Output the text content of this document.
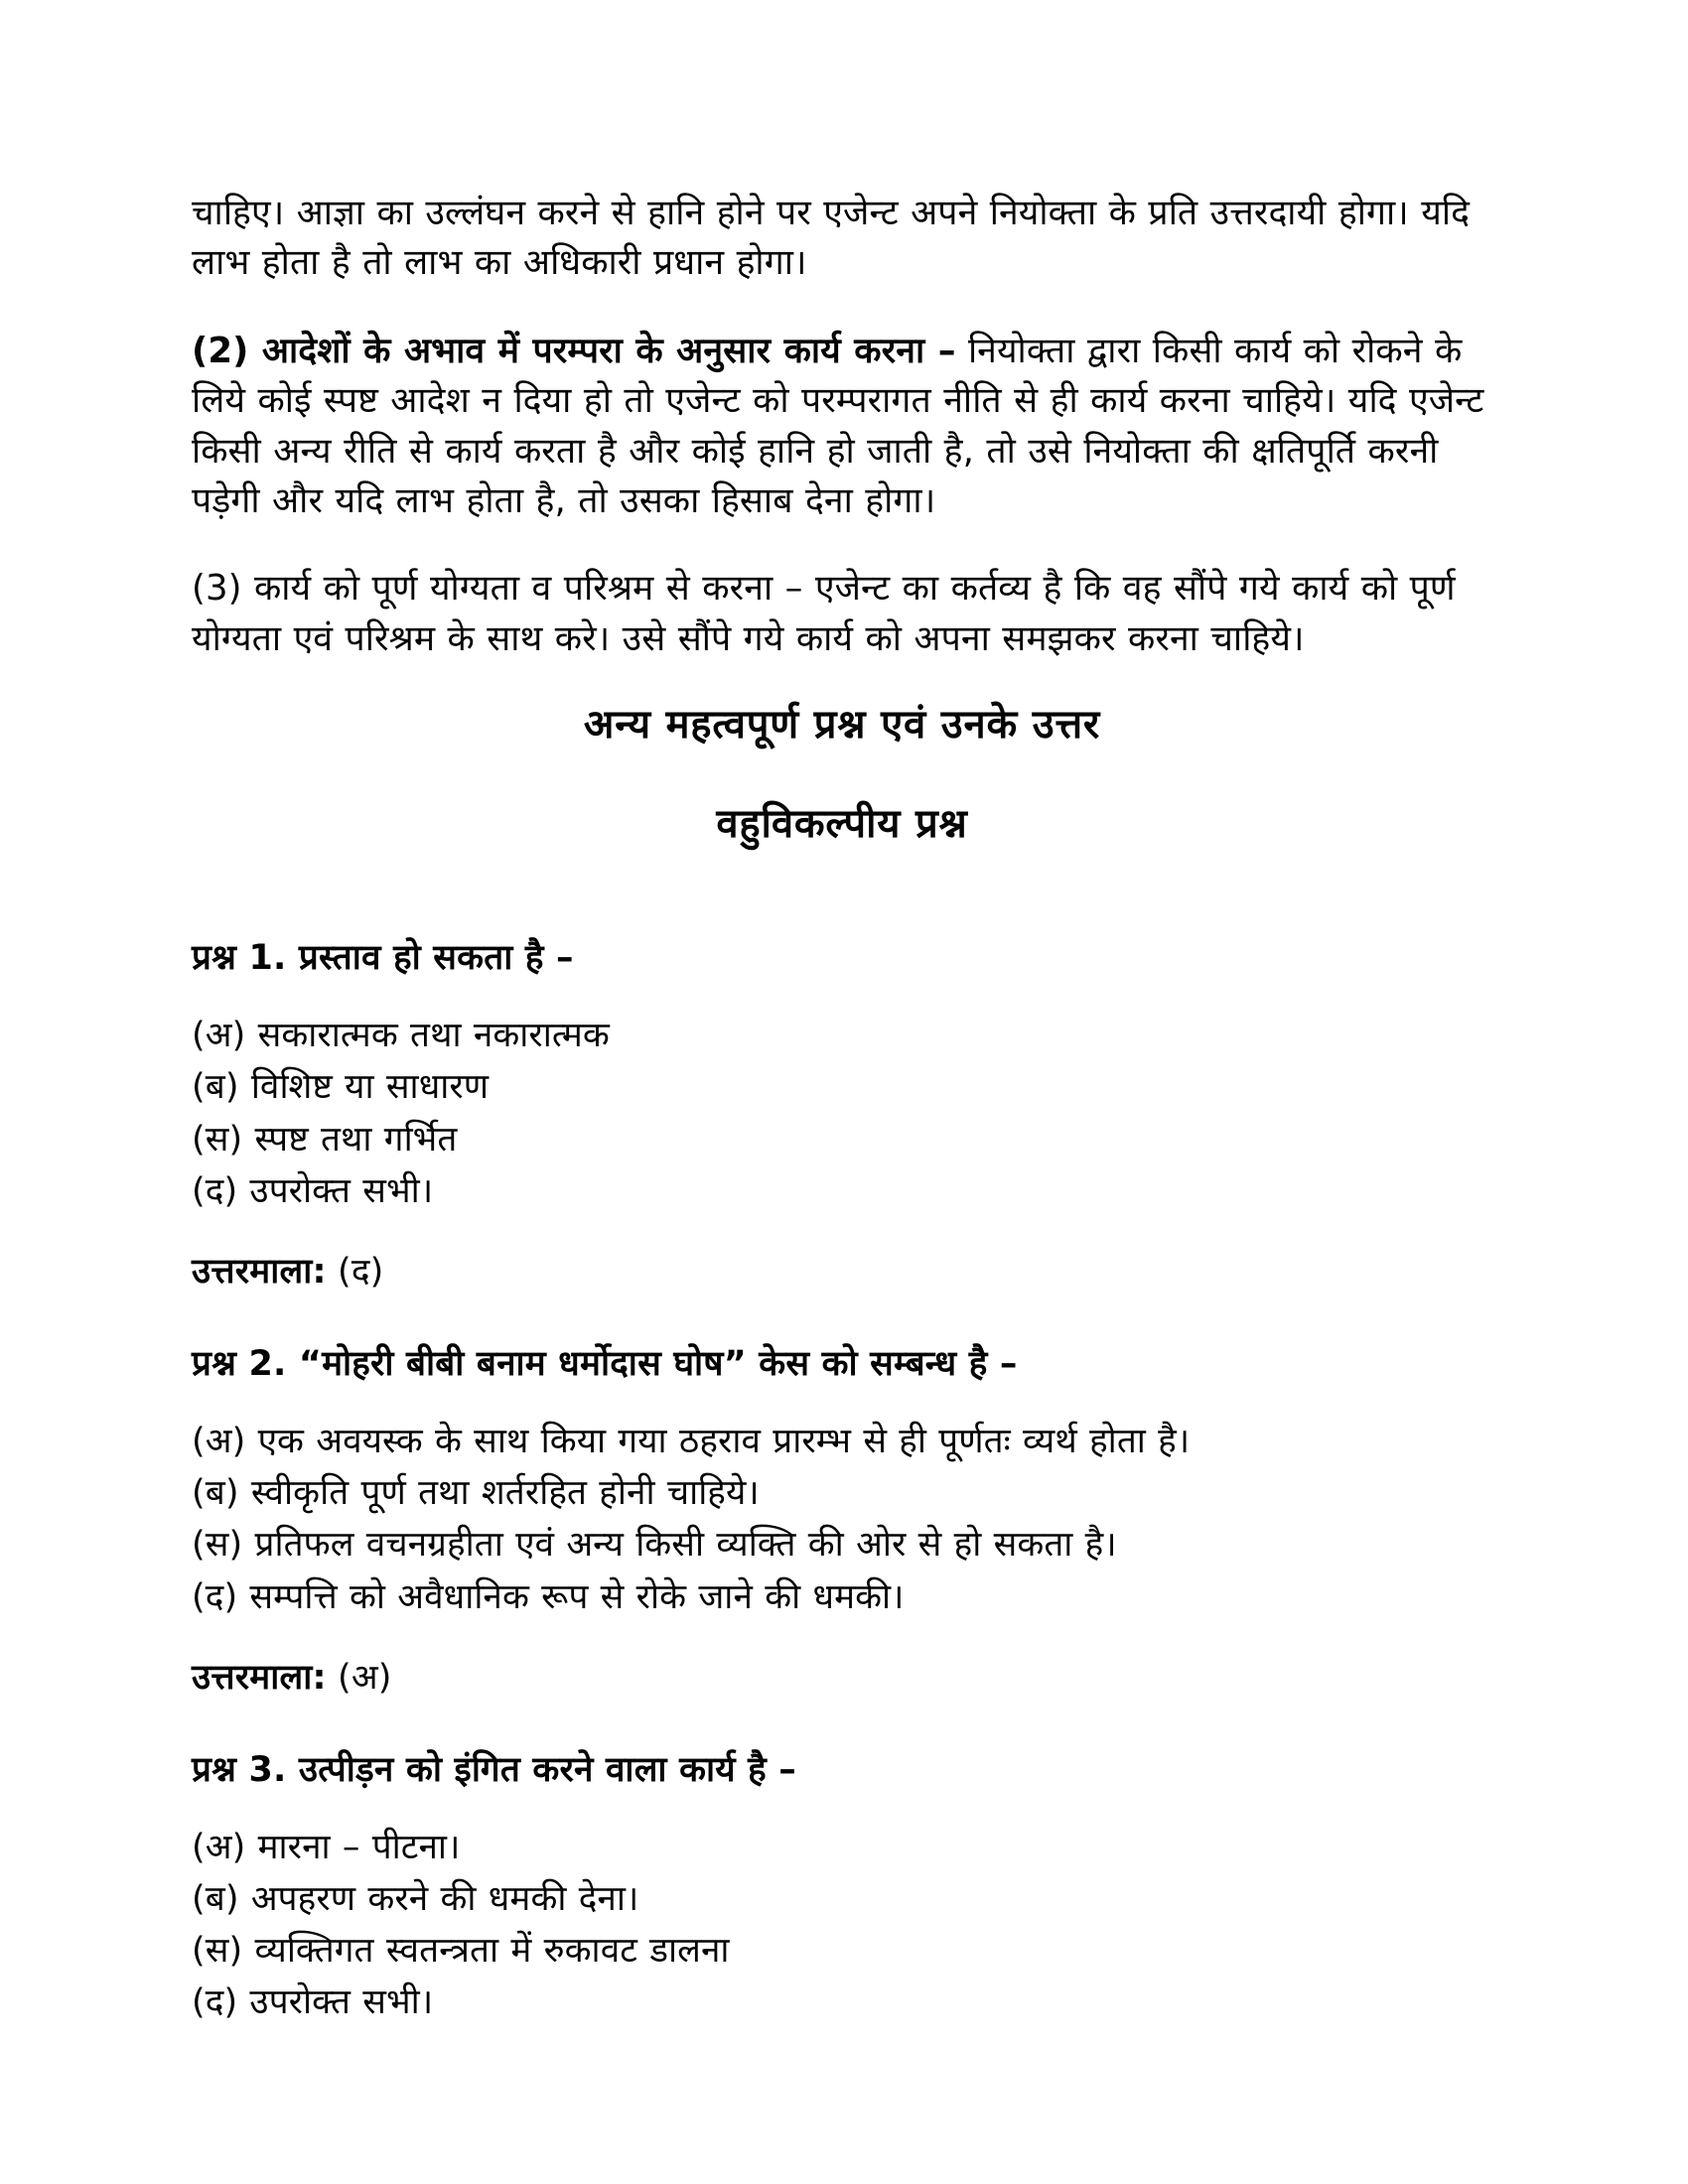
चाहिए। आज्ञा का उल्लंघन करने से हानि होने पर एजेन्ट अपने नियोक्ता के प्रति उत्तरदायी होगा। यदि लाभ होता है तो लाभ का अधिकारी प्रधान होगा।

(2) आदेशों के अभाव में परम्परा के अनुसार कार्य करना – नियोक्ता द्वारा किसी कार्य को रोकने के लिये कोई स्पष्ट आदेश न दिया हो तो एजेन्ट को परम्परागत नीति से ही कार्य करना चाहिये। यदि एजेन्ट किसी अन्य रीति से कार्य करता है और कोई हानि हो जाती है, तो उसे नियोक्ता की क्षतिपूर्ति करनी पड़ेगी और यदि लाभ होता है, तो उसका हिसाब देना होगा।

(3) कार्य को पूर्ण योग्यता व परिश्रम से करना – एजेन्ट का कर्तव्य है कि वह सौंपे गये कार्य को पूर्ण योग्यता एवं परिश्रम के साथ करे। उसे सौंपे गये कार्य को अपना समझकर करना चाहिये।

अन्य महत्वपूर्ण प्रश्न एवं उनके उत्तर
वहुविकल्पीय प्रश्न

प्रश्न 1. प्रस्ताव हो सकता है –

(अ) सकारात्मक तथा नकारात्मक
(ब) विशिष्ट या साधारण
(स) स्पष्ट तथा गर्भित
(द) उपरोक्त सभी।

उत्तरमाला: (द)

प्रश्न 2. “मोहरी बीबी बनाम धर्मोदास घोष” केस को सम्बन्ध है –

(अ) एक अवयस्क के साथ किया गया ठहराव प्रारम्भ से ही पूर्णतः व्यर्थ होता है।
(ब) स्वीकृति पूर्ण तथा शर्तरहित होनी चाहिये।
(स) प्रतिफल वचनग्रहीता एवं अन्य किसी व्यक्ति की ओर से हो सकता है।
(द) सम्पत्ति को अवैधानिक रूप से रोके जाने की धमकी।

उत्तरमाला: (अ)

प्रश्न 3. उत्पीड़न को इंगित करने वाला कार्य है –

(अ) मारना – पीटना।
(ब) अपहरण करने की धमकी देना।
(स) व्यक्तिगत स्वतन्त्रता में रुकावट डालना
(द) उपरोक्त सभी।
